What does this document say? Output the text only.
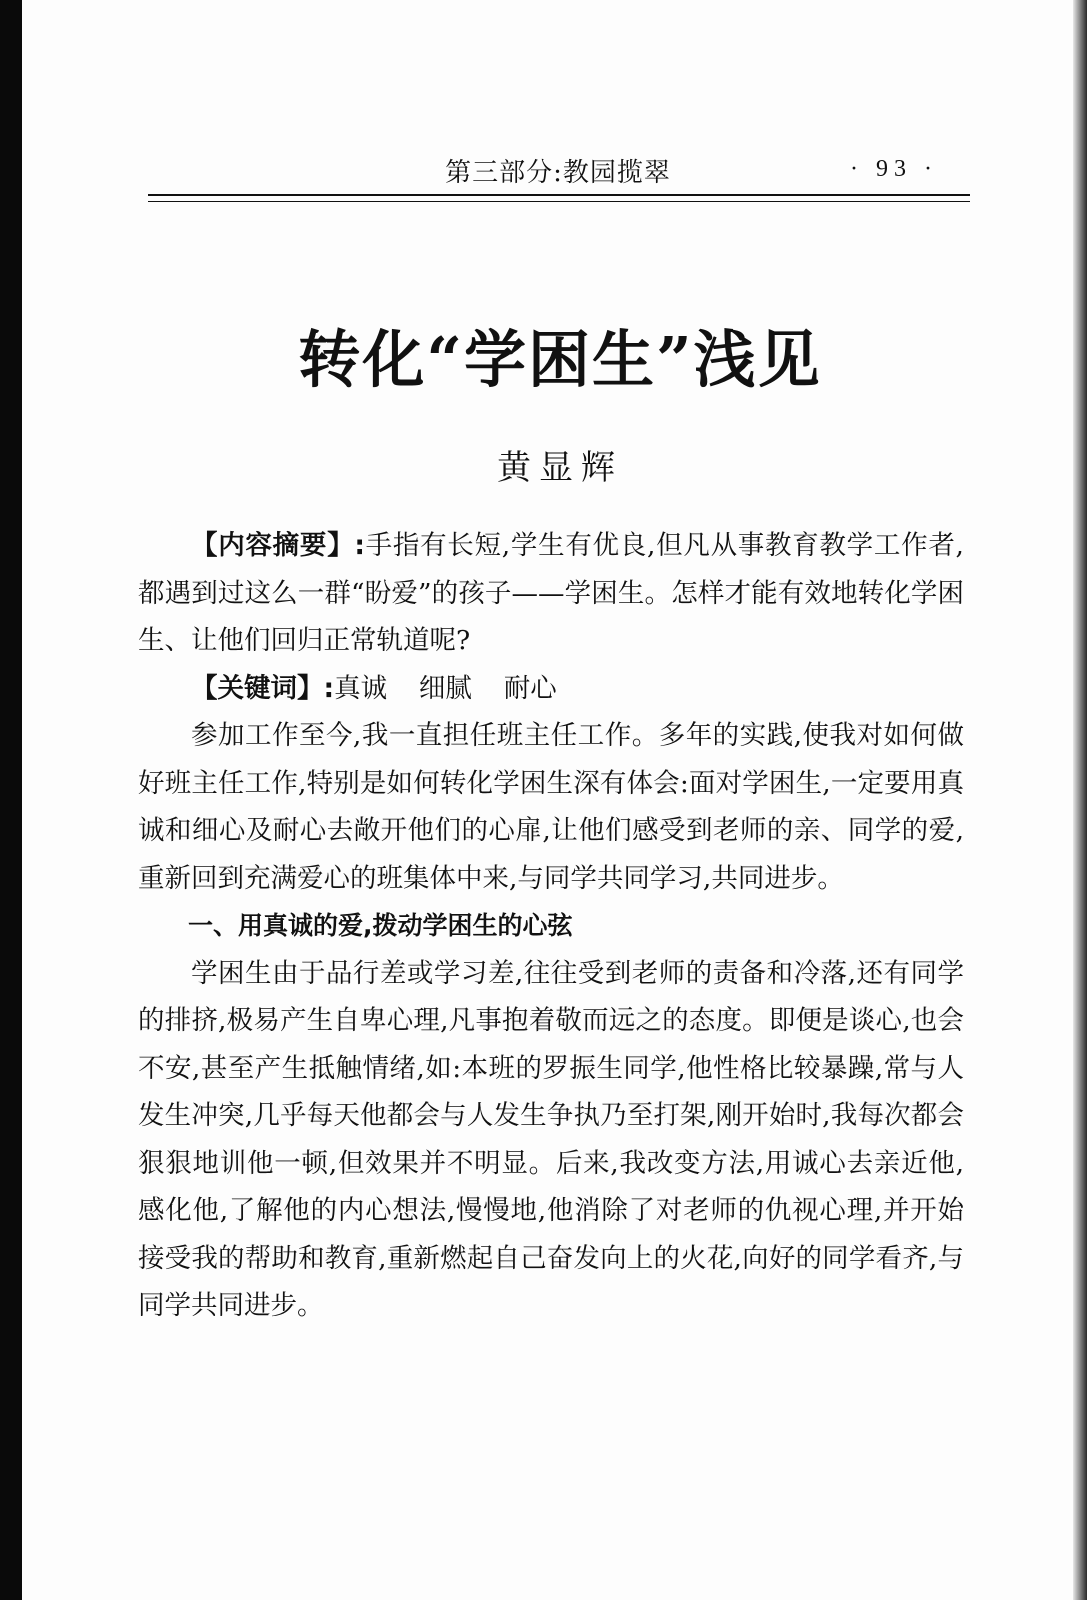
第三部分:教园揽翠	· 93 ·
转化“学困生”浅见
黄显辉

【内容摘要】:手指有长短,学生有优良,但凡从事教育教学工作者,都遇到过这么一群“盼爱”的孩子——学困生。怎样才能有效地转化学困生、让他们回归正常轨道呢?

【关键词】:真诚 细腻 耐心

参加工作至今,我一直担任班主任工作。多年的实践,使我对如何做好班主任工作,特别是如何转化学困生深有体会:面对学困生,一定要用真诚和细心及耐心去敞开他们的心扉,让他们感受到老师的亲、同学的爱,重新回到充满爱心的班集体中来,与同学共同学习,共同进步。

一、用真诚的爱,拨动学困生的心弦

学困生由于品行差或学习差,往往受到老师的责备和冷落,还有同学的排挤,极易产生自卑心理,凡事抱着敬而远之的态度。即便是谈心,也会不安,甚至产生抵触情绪,如:本班的罗振生同学,他性格比较暴躁,常与人发生冲突,几乎每天他都会与人发生争执乃至打架,刚开始时,我每次都会狠狠地训他一顿,但效果并不明显。后来,我改变方法,用诚心去亲近他,感化他,了解他的内心想法,慢慢地,他消除了对老师的仇视心理,并开始接受我的帮助和教育,重新燃起自己奋发向上的火花,向好的同学看齐,与同学共同进步。
